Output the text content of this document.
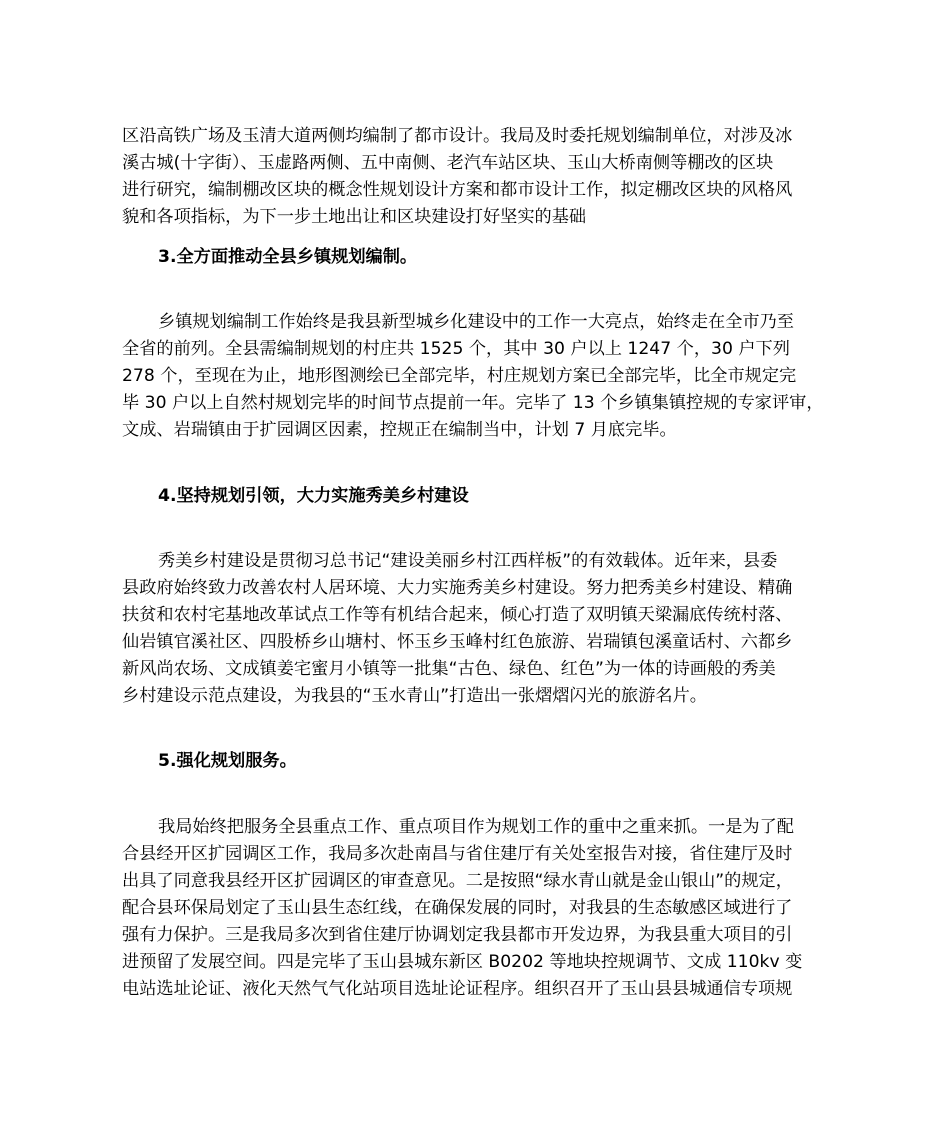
区沿高铁广场及玉清大道两侧均编制了都市设计。我局及时委托规划编制单位，对涉及冰
溪古城(十字街）、玉虚路两侧、五中南侧、老汽车站区块、玉山大桥南侧等棚改的区块
进行研究，编制棚改区块的概念性规划设计方案和都市设计工作，拟定棚改区块的风格风
貌和各项指标，为下一步土地出让和区块建设打好坚实的基础
3.全方面推动全县乡镇规划编制。
乡镇规划编制工作始终是我县新型城乡化建设中的工作一大亮点，始终走在全市乃至
全省的前列。全县需编制规划的村庄共 1525 个，其中 30 户以上 1247 个，30 户下列
278 个，至现在为止，地形图测绘已全部完毕，村庄规划方案已全部完毕，比全市规定完
毕 30 户以上自然村规划完毕的时间节点提前一年。完毕了 13 个乡镇集镇控规的专家评审，
文成、岩瑞镇由于扩园调区因素，控规正在编制当中，计划 7 月底完毕。
4.坚持规划引领，大力实施秀美乡村建设
秀美乡村建设是贯彻习总书记“建设美丽乡村江西样板”的有效载体。近年来，县委
县政府始终致力改善农村人居环境、大力实施秀美乡村建设。努力把秀美乡村建设、精确
扶贫和农村宅基地改革试点工作等有机结合起来，倾心打造了双明镇天梁漏底传统村落、
仙岩镇官溪社区、四股桥乡山塘村、怀玉乡玉峰村红色旅游、岩瑞镇包溪童话村、六都乡
新风尚农场、文成镇姜宅蜜月小镇等一批集“古色、绿色、红色”为一体的诗画般的秀美
乡村建设示范点建设，为我县的“玉水青山”打造出一张熠熠闪光的旅游名片。
5.强化规划服务。
我局始终把服务全县重点工作、重点项目作为规划工作的重中之重来抓。一是为了配
合县经开区扩园调区工作，我局多次赴南昌与省住建厅有关处室报告对接，省住建厅及时
出具了同意我县经开区扩园调区的审查意见。二是按照“绿水青山就是金山银山”的规定，
配合县环保局划定了玉山县生态红线，在确保发展的同时，对我县的生态敏感区域进行了
强有力保护。三是我局多次到省住建厅协调划定我县都市开发边界，为我县重大项目的引
进预留了发展空间。四是完毕了玉山县城东新区 B0202 等地块控规调节、文成 110kv 变
电站选址论证、液化天然气气化站项目选址论证程序。组织召开了玉山县县城通信专项规
